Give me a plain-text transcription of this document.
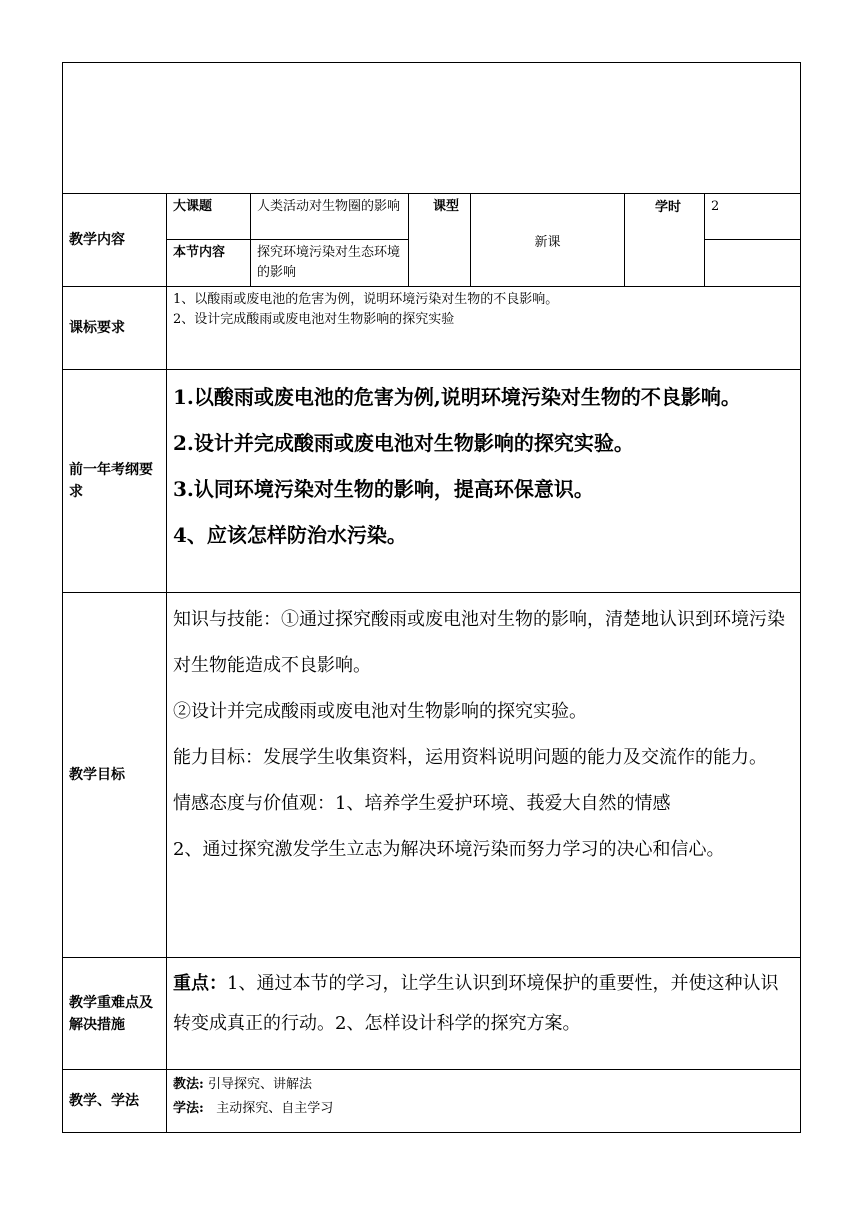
教学内容	大课题	人类活动对生物圈的影响	课型	新课	学时	2
	本节内容	探究环境污染对生态环境的影响				
课标要求	1、以酸雨或废电池的危害为例，说明环境污染对生物的不良影响。

2、设计完成酸雨或废电池对生物影响的探究实验					

前一年考纲要求	1.以酸雨或废电池的危害为例,说明环境污染对生物的不良影响。

2.设计并完成酸雨或废电池对生物影响的探究实验。

3.认同环境污染对生物的影响，提高环保意识。

4、应该怎样防治水污染。					

教学目标	知识与技能：①通过探究酸雨或废电池对生物的影响，清楚地认识到环境污染对生物能造成不良影响。

②设计并完成酸雨或废电池对生物影响的探究实验。

能力目标：发展学生收集资料，运用资料说明问题的能力及交流作的能力。

情感态度与价值观：1、培养学生爱护环境、莪爱大自然的情感

2、通过探究激发学生立志为解决环境污染而努力学习的决心和信心。					

教学重难点及解决措施	重点：1、通过本节的学习，让学生认识到环境保护的重要性，并使这种认识转变成真正的行动。2、怎样设计科学的探究方案。					
教学、学法	教法: 引导探究、讲解法

学法: 主动探究、自主学习					
